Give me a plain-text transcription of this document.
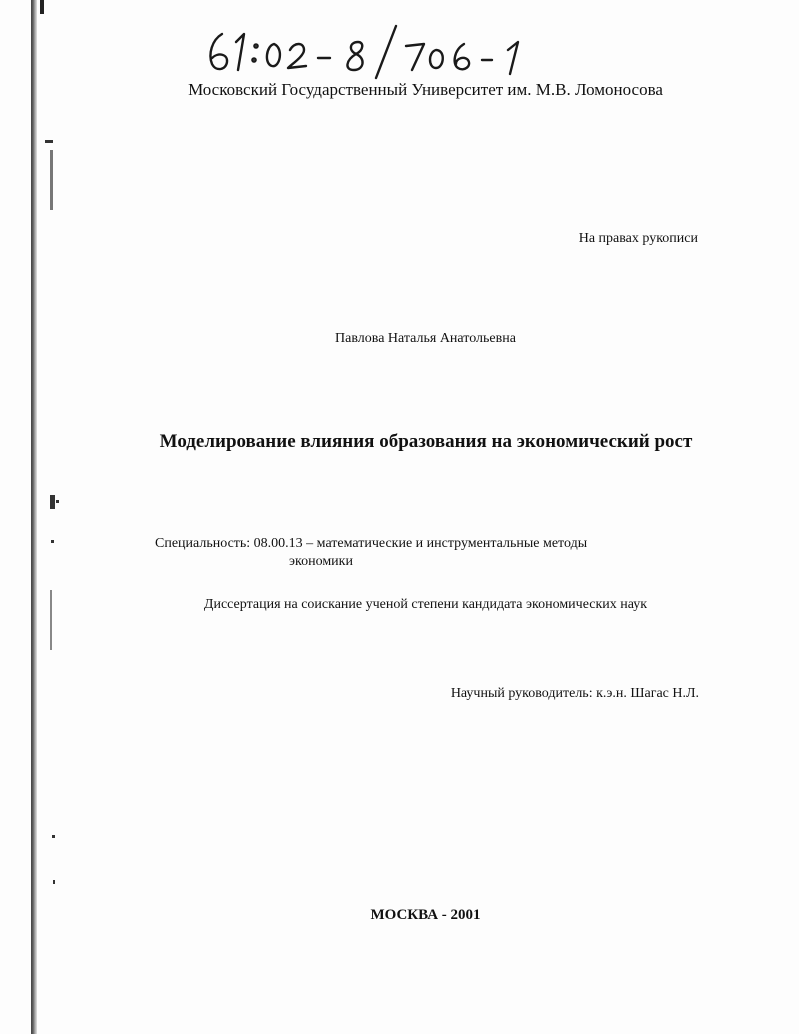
Московский Государственный Университет им. М.В. Ломоносова
На правах рукописи
Павлова Наталья Анатольевна
Моделирование влияния образования на экономический рост
Специальность: 08.00.13 – математические и инструментальные методы
экономики
Диссертация на соискание ученой степени кандидата экономических наук
Научный руководитель: к.э.н. Шагас Н.Л.
МОСКВА - 2001
